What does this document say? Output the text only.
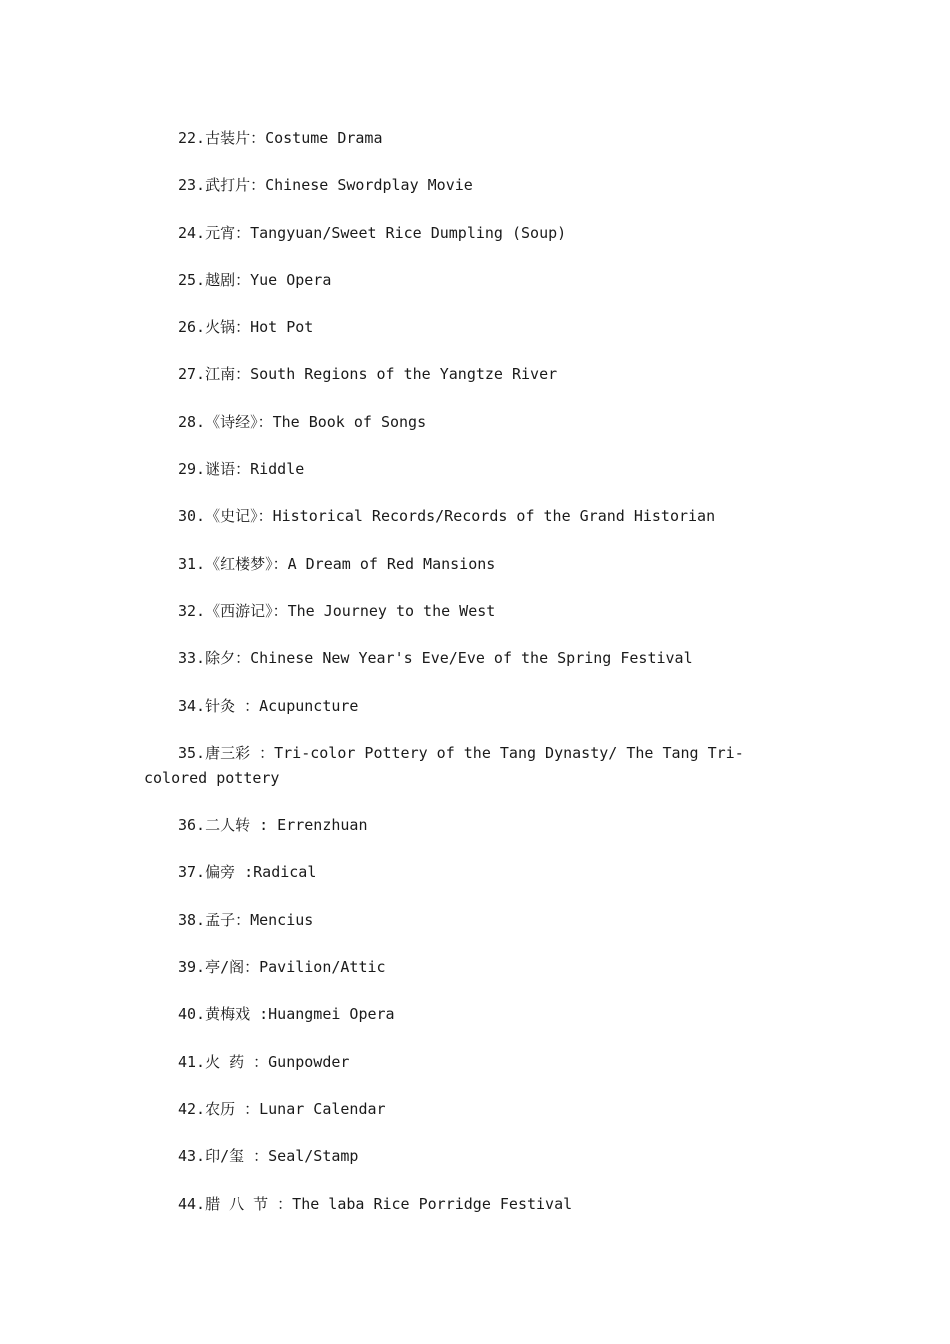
22.古装片：Costume Drama
23.武打片：Chinese Swordplay Movie
24.元宵：Tangyuan/Sweet Rice Dumpling (Soup)
25.越剧：Yue Opera
26.火锅：Hot Pot
27.江南：South Regions of the Yangtze River
28.《诗经》：The Book of Songs
29.谜语：Riddle
30.《史记》：Historical Records/Records of the Grand Historian
31.《红楼梦》：A Dream of Red Mansions
32.《西游记》：The Journey to the West
33.除夕：Chinese New Year's Eve/Eve of the Spring Festival
34.针灸 ：Acupuncture
35.唐三彩 ：Tri-color Pottery of the Tang Dynasty/ The Tang Tri-colored pottery
36.二人转 : Errenzhuan
37.偏旁 :Radical
38.孟子：Mencius
39.亭/阁：Pavilion/Attic
40.黄梅戏 :Huangmei Opera
41.火 药 ：Gunpowder
42.农历 ：Lunar Calendar
43.印/玺 ：Seal/Stamp
44.腊 八 节 ：The laba Rice Porridge Festival
